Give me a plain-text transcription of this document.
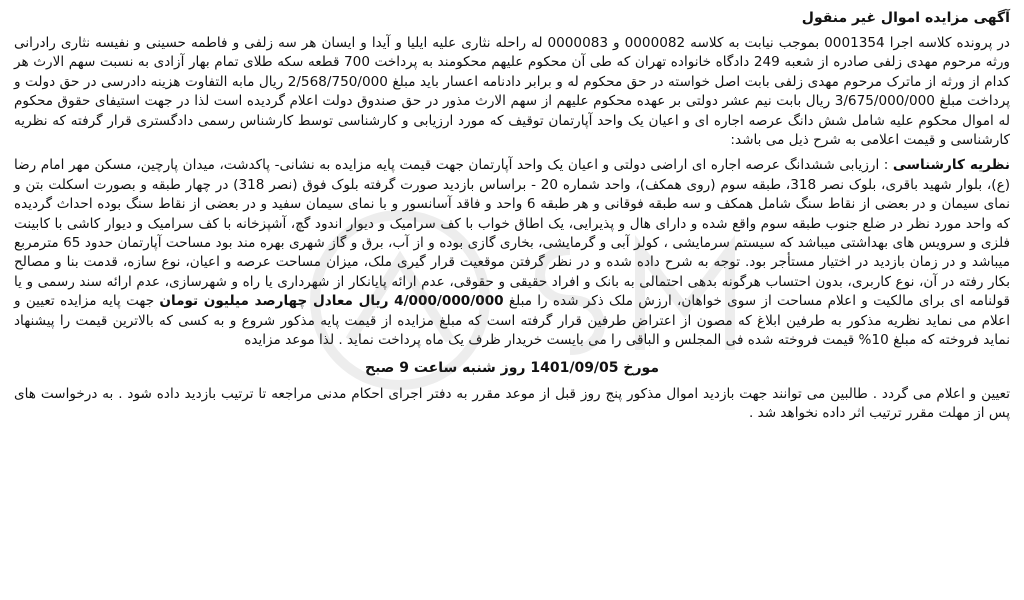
آگهی مزایده اموال غیر منقول

در پرونده کلاسه اجرا 0001354 بموجب نیابت به کلاسه 0000082 و 0000083 له راحله نثاری علیه ایلیا و آیدا و ایسان هر سه زلفی و فاطمه حسینی و نفیسه نثاری رادرانی ورثه مرحوم مهدی زلفی صادره از شعبه 249 دادگاه خانواده تهران که طی آن محکوم علیهم محکومند به پرداخت 700 قطعه سکه طلای تمام بهار آزادی به نسبت سهم الارث هر کدام از ورثه از ماترک مرحوم مهدی زلفی بابت اصل خواسته در حق محکوم له و برابر دادنامه اعسار باید مبلغ 2/568/750/000 ریال مابه التفاوت هزینه دادرسی در حق دولت و پرداخت مبلغ 3/675/000/000 ریال بابت نیم عشر دولتی بر عهده محکوم علیهم از سهم الارث مذور در حق صندوق دولت اعلام گردیده است لذا در جهت استیفای حقوق محکوم له اموال محکوم علیه شامل شش دانگ عرصه اجاره ای و اعیان یک واحد آپارتمان توقیف که مورد ارزیابی و کارشناسی توسط کارشناس رسمی دادگستری قرار گرفته که نظریه کارشناسی و قیمت اعلامی به شرح ذیل می باشد:

نظریه کارشناسی : ارزیابی ششدانگ عرصه اجاره ای اراضی دولتی و اعیان یک واحد آپارتمان جهت قیمت پایه مزایده به نشانی- پاکدشت، میدان پارچین، مسکن مهر امام رضا (ع)، بلوار شهید باقری، بلوک نصر 318، طبقه سوم (روی همکف)، واحد شماره 20 - براساس بازدید صورت گرفته بلوک فوق (نصر 318) در چهار طبقه و بصورت اسکلت بتن و نمای سیمان و در بعضی از نقاط سنگ شامل همکف و سه طبقه فوقانی و هر طبقه 6 واحد و فاقد آسانسور و با نمای سیمان سفید و در بعضی از نقاط سنگ بوده احداث گردیده که واحد مورد نظر در ضلع جنوب طبقه سوم واقع شده و دارای هال و پذیرایی، یک اطاق خواب با کف سرامیک و دیوار اندود گچ، آشپزخانه با کف سرامیک و دیوار کاشی با کابینت فلزی و سرویس های بهداشتی میباشد که سیستم سرمایشی ، کولر آبی و گرمایشی، بخاری گازی بوده و از آب، برق و گاز شهری بهره مند بود مساحت آپارتمان حدود 65 مترمربع میباشد و در زمان بازدید در اختیار مستأجر بود. توجه به شرح داده شده و در نظر گرفتن موقعیت قرار گیری ملک، میزان مساحت عرصه و اعیان، نوع سازه، قدمت بنا و مصالح بکار رفته در آن، نوع کاربری، بدون احتساب هرگونه بدهی احتمالی به بانک و افراد حقیقی و حقوقی، عدم ارائه پایانکار از شهرداری یا راه و شهرسازی، عدم ارائه سند رسمی و یا قولنامه ای برای مالکیت و اعلام مساحت از سوی خواهان، ارزش ملک ذکر شده را مبلغ 4/000/000/000 ریال معادل چهارصد میلیون تومان جهت پایه مزایده تعیین و اعلام می نماید نظریه مذکور به طرفین ابلاغ که مصون از اعتراض طرفین قرار گرفته است که مبلغ مزایده از قیمت پایه مذکور شروع و به کسی که بالاترین قیمت را پیشنهاد نماید فروخته که مبلغ 10% قیمت فروخته شده فی المجلس و الباقی را می بایست خریدار ظرف یک ماه پرداخت نماید . لذا موعد مزایده

مورخ 1401/09/05 روز شنبه ساعت 9 صبح

تعیین و اعلام می گردد . طالبین می توانند جهت بازدید اموال مذکور پنج روز قبل از موعد مقرر به دفتر اجرای احکام مدنی مراجعه تا ترتیب بازدید داده شود . به درخواست های پس از مهلت مقرر ترتیب اثر داده نخواهد شد .
